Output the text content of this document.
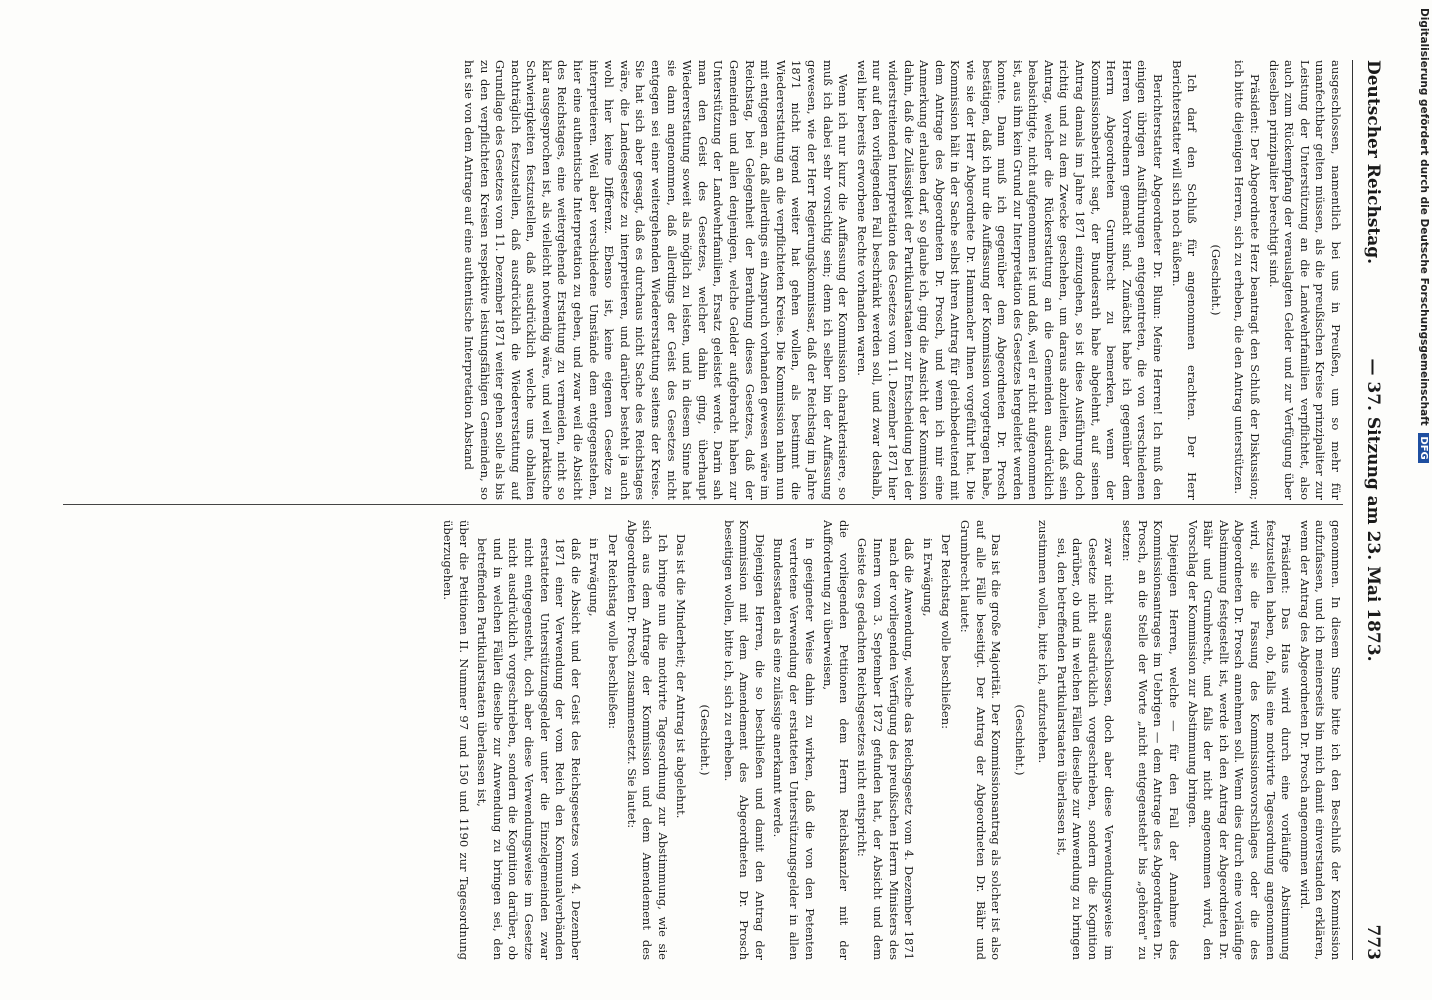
Deutscher Reichstag.
— 37. Sitzung am 23. Mai 1873.
773

ausgeschlossen, namentlich bei uns in Preußen, um so mehr für unanfechtbar gelten müssen, als die preußischen Kreise prinzipaliter zur Leistung der Unterstützung an die Landwehrfamilien verpflichtet, also auch zum Rückempfang der verauslagten Gelder und zur Verfügung über dieselben prinzipaliter berechtigt sind.

Präsident: Der Abgeordnete Herz beantragt den Schluß der Diskussion; ich bitte diejenigen Herren, sich zu erheben, die den Antrag unterstützen.

(Geschieht.)

Ich darf den Schluß für angenommen erachten. Der Herr Berichterstatter will sich noch äußern.

Berichterstatter Abgeordneter Dr. Blum: Meine Herren! Ich muß den einigen übrigen Ausführungen entgegentreten, die von verschiedenen Herren Vorrednern gemacht sind. Zunächst habe ich gegenüber dem Herrn Abgeordneten Grumbrecht zu bemerken, wenn der Kommissionsbericht sagt, der Bundesrath habe abgelehnt, auf seinen Antrag damals im Jahre 1871 einzugehen, so ist diese Ausführung doch richtig und zu dem Zwecke geschehen, um daraus abzuleiten, daß sein Antrag, welcher die Rückerstattung an die Gemeinden ausdrücklich beabsichtigte, nicht aufgenommen ist und daß, weil er nicht aufgenommen ist, aus ihm kein Grund zur Interpretation des Gesetzes hergeleitet werden konnte. Dann muß ich gegenüber dem Abgeordneten Dr. Prosch bestätigen, daß ich nur die Auffassung der Kommission vorgetragen habe, wie sie der Herr Abgeordnete Dr. Hammacher Ihnen vorgeführt hat. Die Kommission hält in der Sache selbst ihren Antrag für gleichbedeutend mit dem Antrage des Abgeordneten Dr. Prosch, und wenn ich mir eine Anmerkung erlauben darf, so glaube ich, ging die Ansicht der Kommission dahin, daß die Zulässigkeit der Partikularstaaten zur Entscheidung bei der widerstreitenden Interpretation des Gesetzes vom 11. Dezember 1871 hier nur auf den vorliegenden Fall beschränkt werden soll, und zwar deshalb, weil hier bereits erworbene Rechte vorhanden waren.

Wenn ich nur kurz die Auffassung der Kommission charakterisiere, so muß ich dabei sehr vorsichtig sein; denn ich selber bin der Auffassung gewesen, wie der Herr Regierungskommissar, daß der Reichstag im Jahre 1871 nicht irgend weiter hat gehen wollen, als bestimmt die Wiedererstattung an die verpflichteten Kreise. Die Kommission nahm nun mit entgegen an, daß allerdings ein Anspruch vorhanden gewesen wäre im Reichstag, bei Gelegenheit der Berathung dieses Gesetzes, daß der Gemeinden und allen denjenigen, welche Gelder aufgebracht haben zur Unterstützung der Landwehrfamilien, Ersatz geleistet werde. Darin sah man den Geist des Gesetzes, welcher dahin ging, überhaupt Wiedererstattung soweit als möglich zu leisten, und in diesem Sinne hat sie dann angenommen, daß allerdings der Geist des Gesetzes nicht entgegen sei einer weitergehenden Wiedererstattung seitens der Kreise. Sie hat sich aber gesagt, daß es durchaus nicht Sache des Reichstages wäre, die Landesgesetze zu interpretieren, und darüber besteht ja auch wohl hier keine Differenz. Ebenso ist, keine eigenen Gesetze zu interpretieren. Weil aber verschiedene Umstände dem entgegenstehen, hier eine authentische Interpretation zu geben, und zwar weil die Absicht des Reichstages, eine weitergehende Erstattung zu vermeiden, nicht so klar ausgesprochen ist, als vielleicht notwendig wäre, und weil praktische Schwierigkeiten festzustellen, daß ausdrücklich welche uns obhalten nachträglich festzustellen, daß ausdrücklich die Wiedererstattung auf Grundlage des Gesetzes vom 11. Dezember 1871 weiter gehen solle als bis zu den verpflichteten Kreisen respektive leistungsfähigen Gemeinden, so hat sie von dem Antrage auf eine authentische Interpretation Abstand

genommen. In diesem Sinne bitte ich den Beschluß der Kommission aufzufassen, und ich meinerseits bin mich damit einverstanden erklären, wenn der Antrag des Abgeordneten Dr. Prosch angenommen wird.

Präsident: Das Haus wird durch eine vorläufige Abstimmung festzustellen haben, ob, falls eine motivirte Tagesordnung angenommen wird, sie die Fassung des Kommissionsvorschlages oder die des Abgeordneten Dr. Prosch annehmen soll. Wenn dies durch eine vorläufige Abstimmung festgestellt ist, werde ich den Antrag der Abgeordneten Dr. Bähr und Grumbrecht, und falls der nicht angenommen wird, den Vorschlag der Kommission zur Abstimmung bringen.

Diejenigen Herren, welche — für den Fall der Annahme des Kommissionsantrages im Uebrigen — dem Antrage des Abgeordneten Dr. Prosch, an die Stelle der Worte „nicht entgegensteht" bis „gehören" zu setzen:

zwar nicht ausgeschlossen, doch aber diese Verwendungsweise im Gesetze nicht ausdrücklich vorgeschrieben, sondern die Kognition darüber, ob und in welchen Fällen dieselbe zur Anwendung zu bringen sei, den betreffenden Partikularstaaten überlassen ist,

zustimmen wollen, bitte ich, aufzustehen.

(Geschieht.)

Das ist die große Majorität. Der Kommissionsantrag als solcher ist also auf alle Fälle beseitigt. Der Antrag der Abgeordneten Dr. Bähr und Grumbrecht lautet:

Der Reichstag wolle beschließen:

in Erwägung,

daß die Anwendung, welche das Reichsgesetz vom 4. Dezember 1871 nach der vorliegenden Verfügung des preußischen Herrn Ministers des Innern vom 3. September 1872 gefunden hat, der Absicht und dem Geiste des gedachten Reichsgesetzes nicht entspricht:

die vorliegenden Petitionen dem Herrn Reichskanzler mit der Aufforderung zu überweisen,

in geeigneter Weise dahin zu wirken, daß die von den Petenten vertretene Verwendung der erstatteten Unterstützungsgelder in allen Bundesstaaten als eine zulässige anerkannt werde.

Diejenigen Herren, die so beschließen und damit den Antrag der Kommission mit dem Amendement des Abgeordneten Dr. Prosch beseitigen wollen, bitte ich, sich zu erheben.

(Geschieht.)

Das ist die Minderheit; der Antrag ist abgelehnt.

Ich bringe nun die motivirte Tagesordnung zur Abstimmung, wie sie sich aus dem Antrage der Kommission und dem Amendement des Abgeordneten Dr. Prosch zusammensetzt. Sie lautet:

Der Reichstag wolle beschließen:

in Erwägung,

daß die Absicht und der Geist des Reichsgesetzes vom 4. Dezember 1871 einer Verwendung der vom Reich den Kommunalverbänden erstatteten Unterstützungsgelder unter die Einzelgemeinden zwar nicht entgegensteht, doch aber diese Verwendungsweise im Gesetze nicht ausdrücklich vorgeschrieben, sondern die Kognition darüber, ob und in welchen Fällen dieselbe zur Anwendung zu bringen sei, den betreffenden Partikularstaaten überlassen ist,

über die Petitionen II. Nummer 97 und 150 und 1190 zur Tagesordnung überzugehen.

Digitalisierung gefördert durch die Deutsche Forschungsgemeinschaft DFG
